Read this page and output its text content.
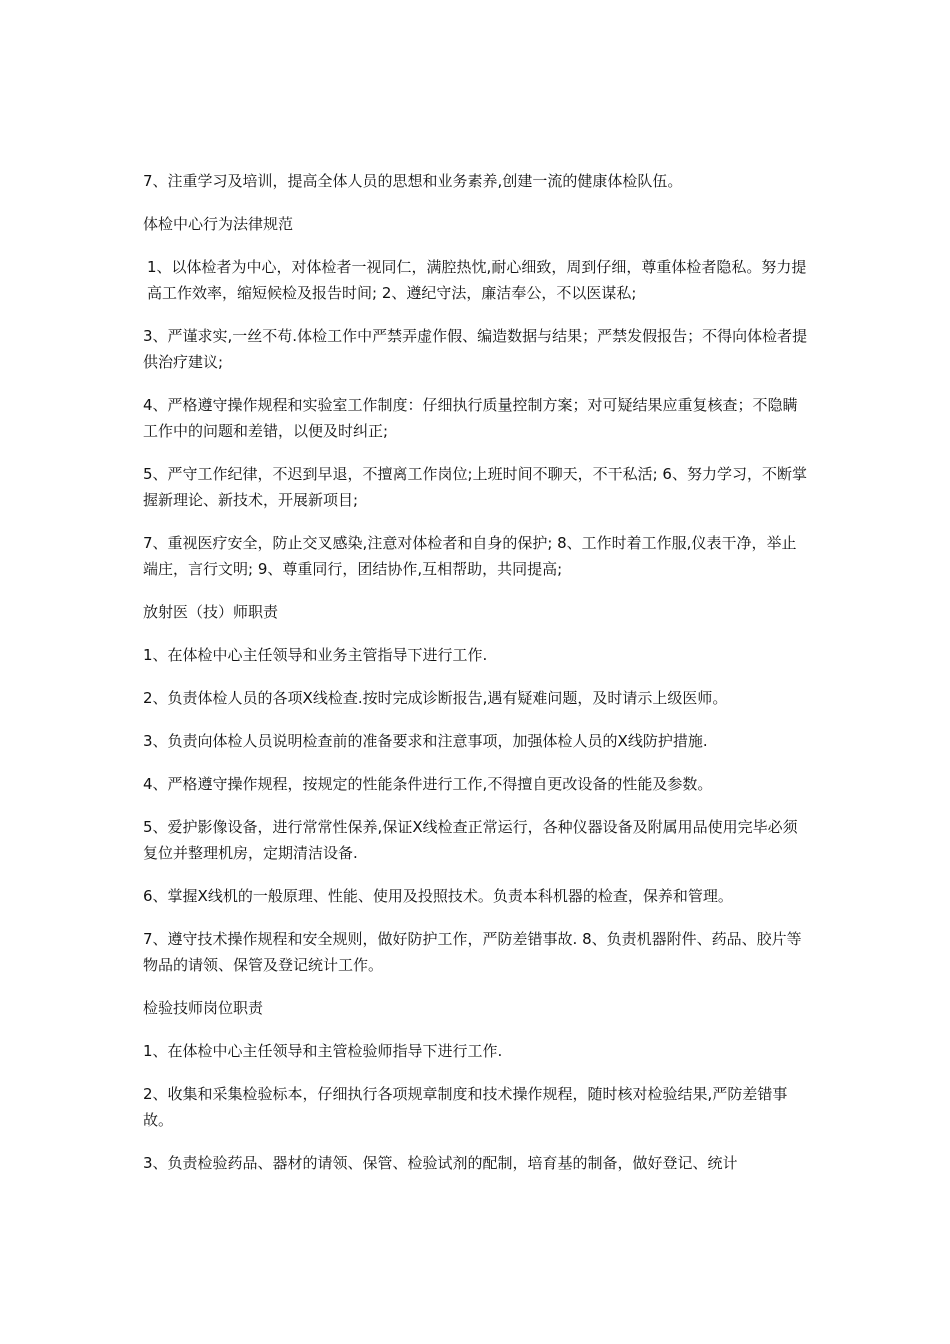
7、注重学习及培训，提高全体人员的思想和业务素养,创建一流的健康体检队伍。

体检中心行为法律规范

1、以体检者为中心，对体检者一视同仁，满腔热忱,耐心细致，周到仔细，尊重体检者隐私。努力提高工作效率，缩短候检及报告时间; 2、遵纪守法，廉洁奉公，不以医谋私;

3、严谨求实,一丝不苟.体检工作中严禁弄虚作假、编造数据与结果；严禁发假报告；不得向体检者提供治疗建议;

4、严格遵守操作规程和实验室工作制度：仔细执行质量控制方案；对可疑结果应重复核查；不隐瞒工作中的问题和差错，以便及时纠正;

5、严守工作纪律，不迟到早退，不擅离工作岗位;上班时间不聊天，不干私活; 6、努力学习，不断掌握新理论、新技术，开展新项目;

7、重视医疗安全，防止交叉感染,注意对体检者和自身的保护; 8、工作时着工作服,仪表干净，举止端庄，言行文明; 9、尊重同行，团结协作,互相帮助，共同提高;

放射医（技）师职责

1、在体检中心主任领导和业务主管指导下进行工作.

2、负责体检人员的各项X线检查.按时完成诊断报告,遇有疑难问题，及时请示上级医师。

3、负责向体检人员说明检查前的准备要求和注意事项，加强体检人员的X线防护措施.

4、严格遵守操作规程，按规定的性能条件进行工作,不得擅自更改设备的性能及参数。

5、爱护影像设备，进行常常性保养,保证X线检查正常运行，各种仪器设备及附属用品使用完毕必须复位并整理机房，定期清洁设备.

6、掌握X线机的一般原理、性能、使用及投照技术。负责本科机器的检查，保养和管理。

7、遵守技术操作规程和安全规则，做好防护工作，严防差错事故. 8、负责机器附件、药品、胶片等物品的请领、保管及登记统计工作。

检验技师岗位职责

1、在体检中心主任领导和主管检验师指导下进行工作.

2、收集和采集检验标本，仔细执行各项规章制度和技术操作规程，随时核对检验结果,严防差错事故。

3、负责检验药品、器材的请领、保管、检验试剂的配制，培育基的制备，做好登记、统计
